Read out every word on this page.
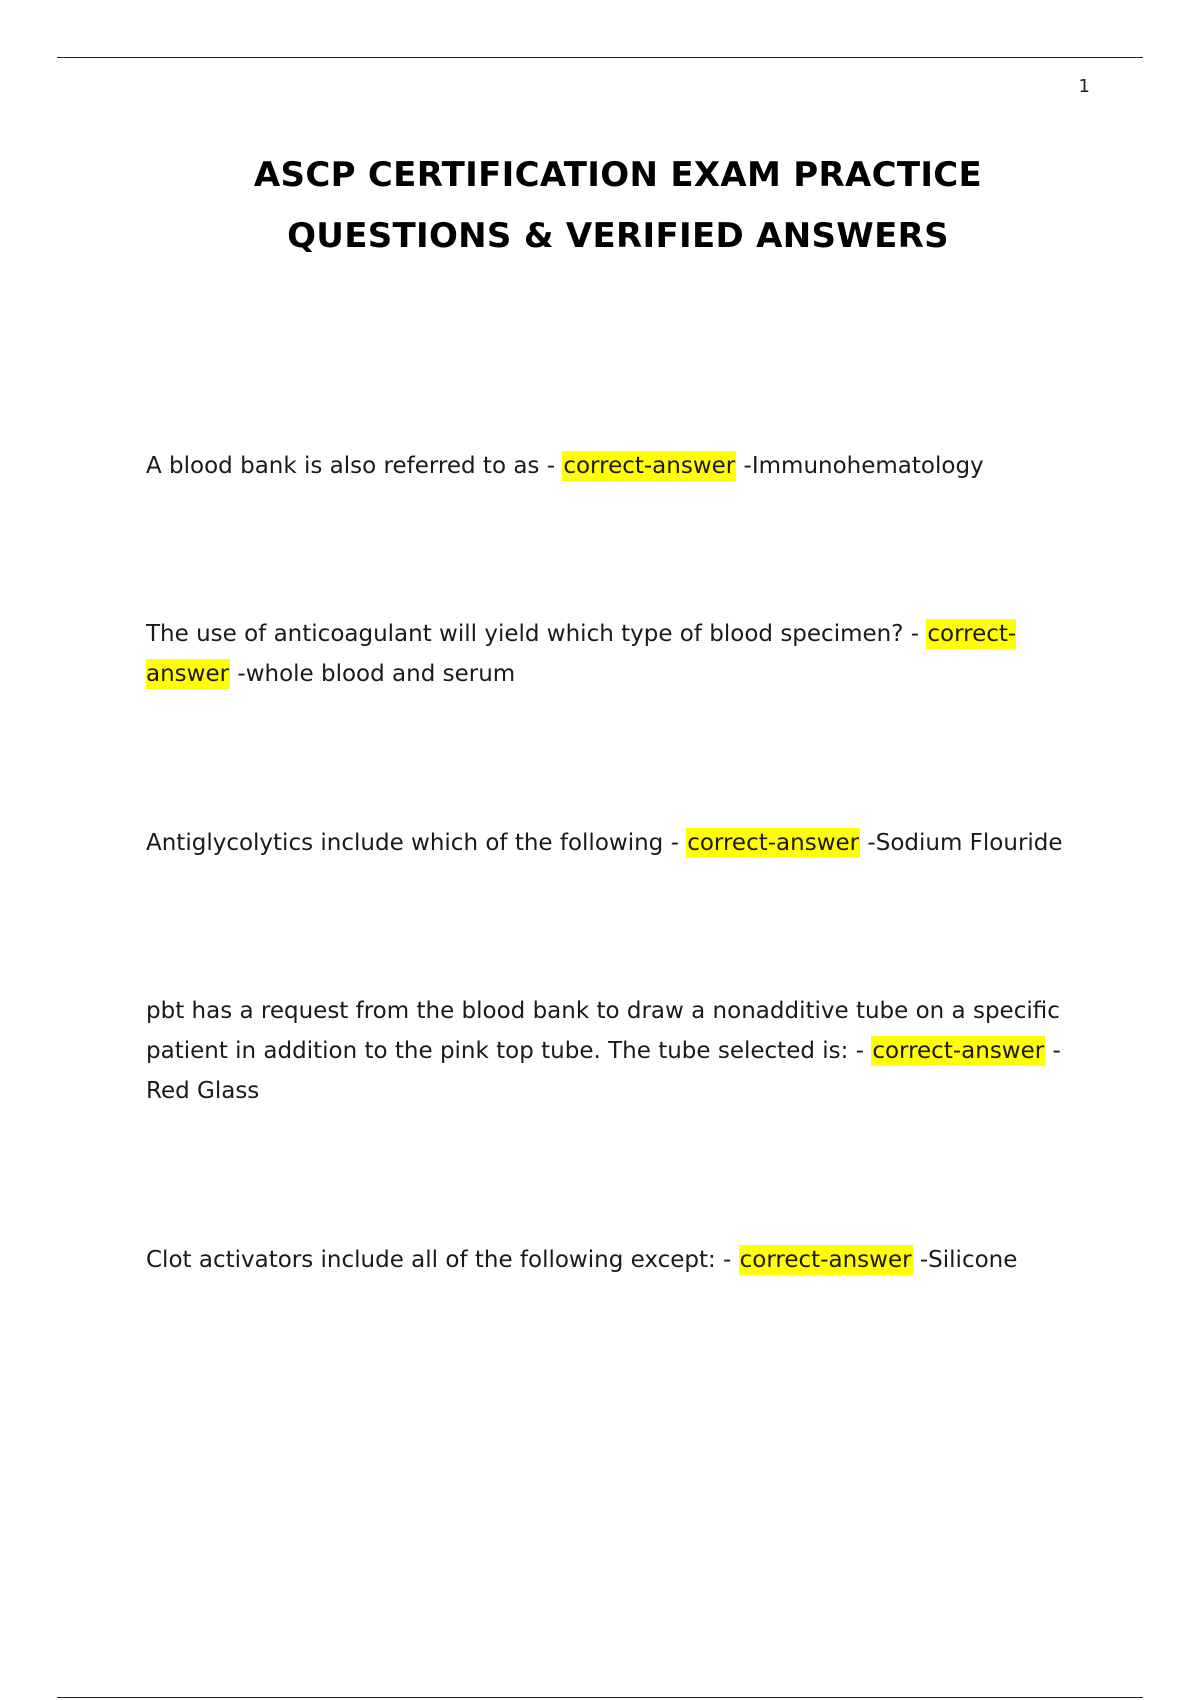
1
ASCP CERTIFICATION EXAM PRACTICE
QUESTIONS & VERIFIED ANSWERS

A blood bank is also referred to as - correct-answer -Immunohematology

The use of anticoagulant will yield which type of blood specimen? - correct-answer -whole blood and serum

Antiglycolytics include which of the following - correct-answer -Sodium Flouride

pbt has a request from the blood bank to draw a nonadditive tube on a specific patient in addition to the pink top tube. The tube selected is: - correct-answer - Red Glass

Clot activators include all of the following except: - correct-answer -Silicone
